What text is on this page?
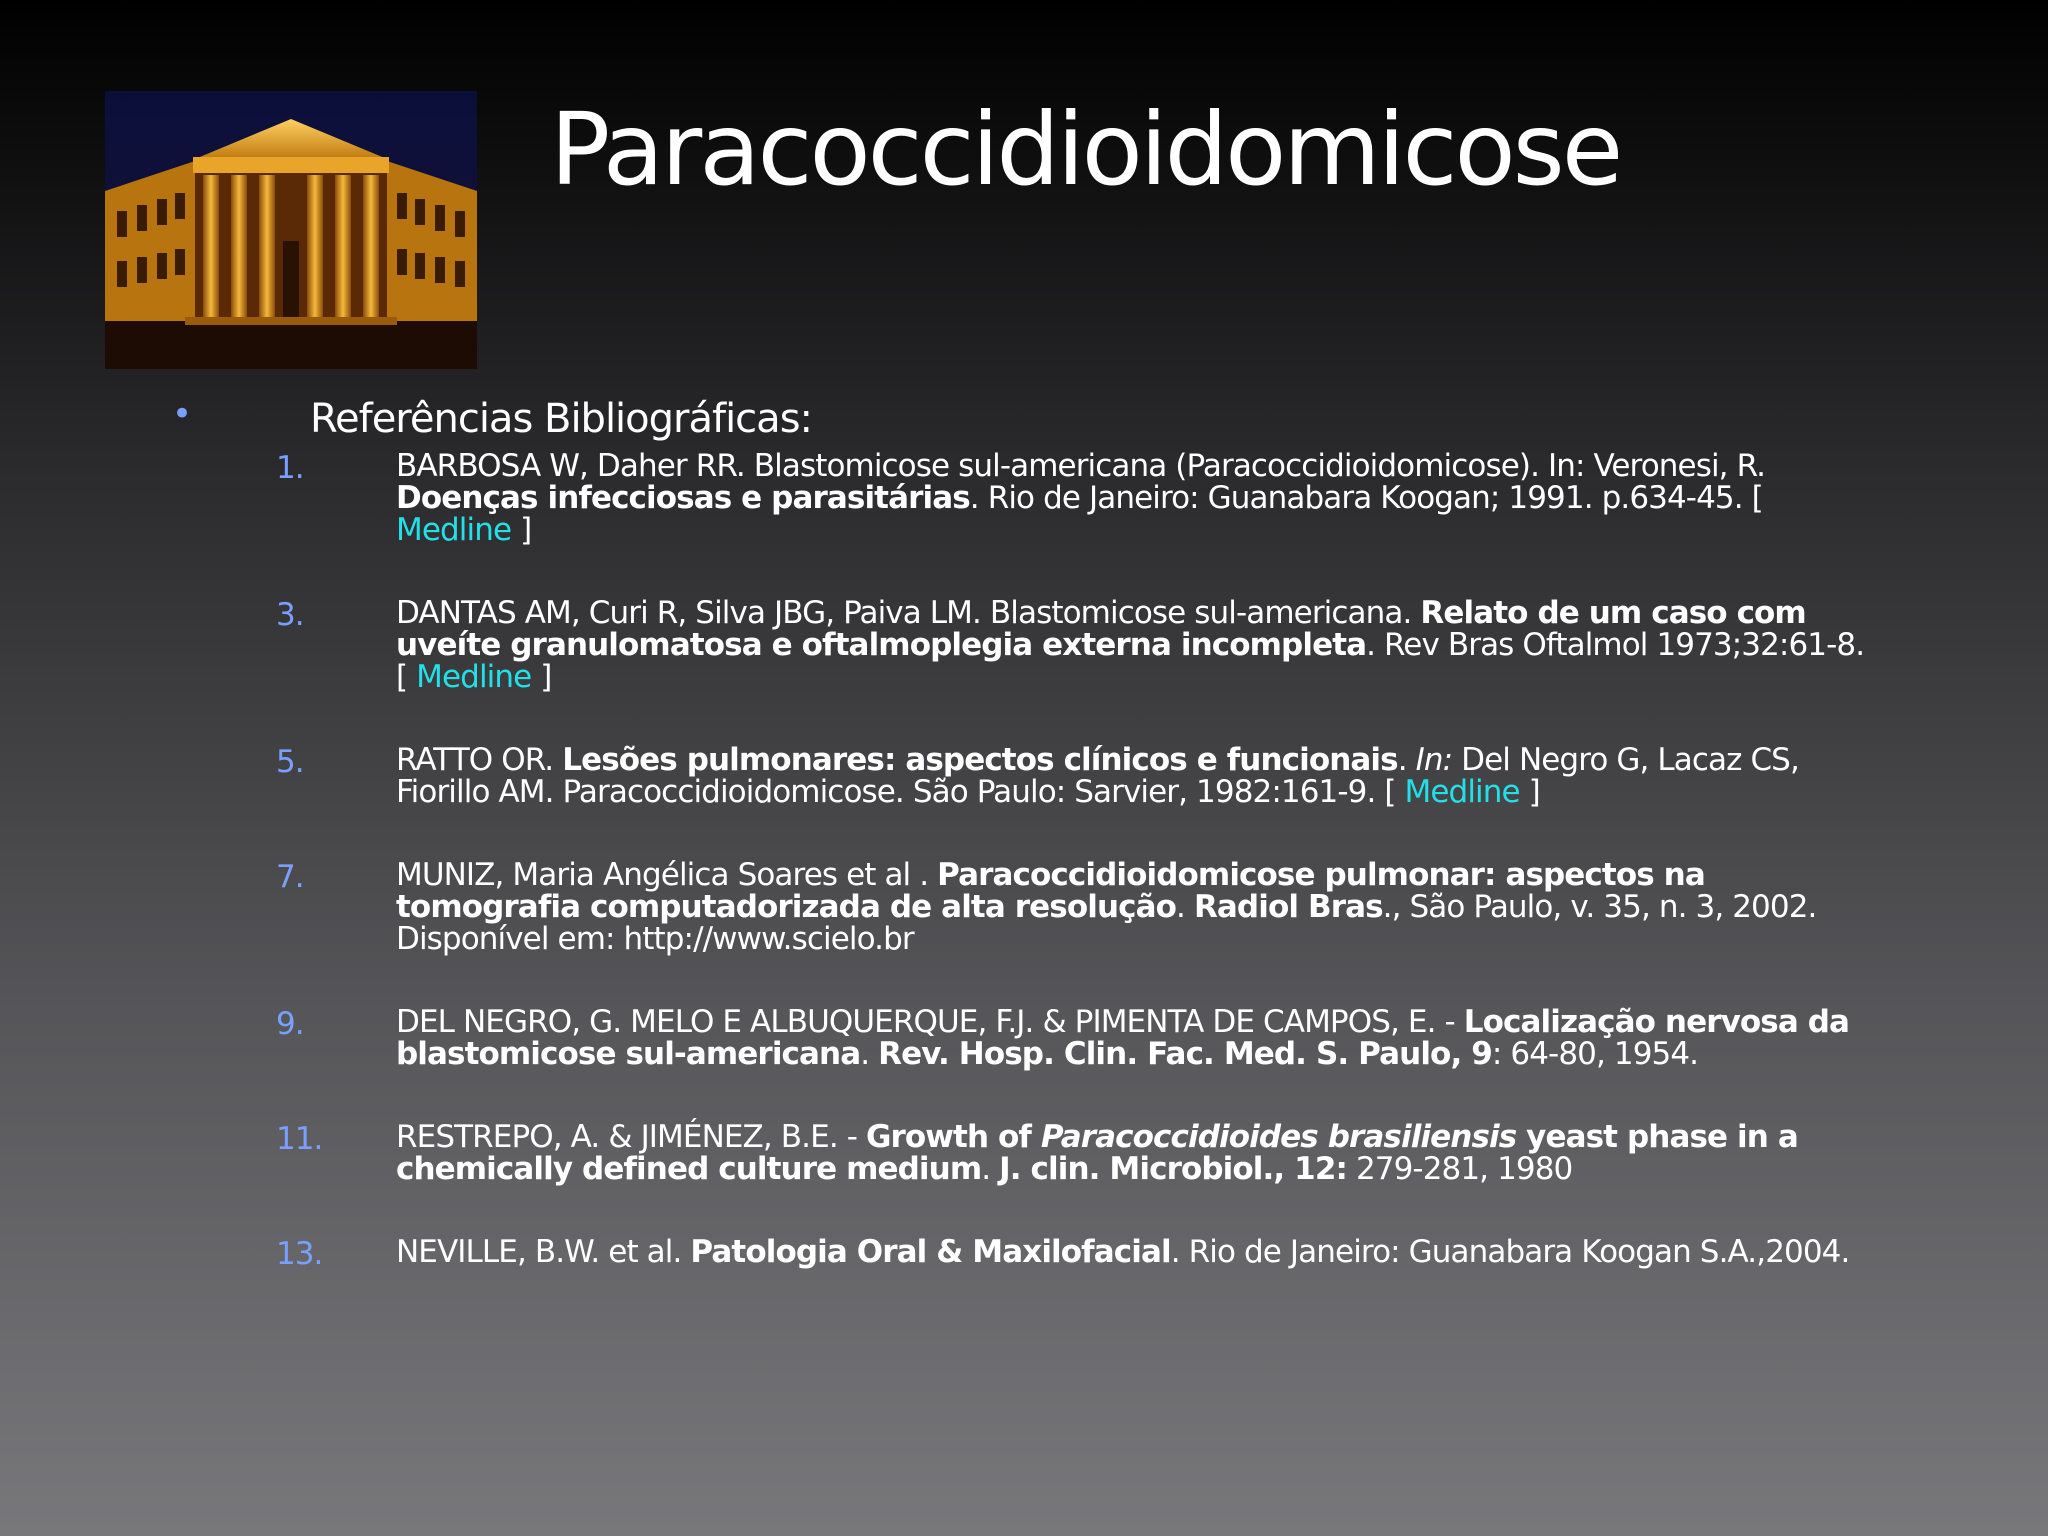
Paracoccidioidomicose
•	Referências Bibliográficas:
1.	BARBOSA W, Daher RR. Blastomicose sul-americana (Paracoccidioidomicose). In: Veronesi, R. Doenças infecciosas e parasitárias. Rio de Janeiro: Guanabara Koogan; 1991. p.634-45. [ Medline ]
3.	DANTAS AM, Curi R, Silva JBG, Paiva LM. Blastomicose sul-americana. Relato de um caso com uveíte granulomatosa e oftalmoplegia externa incompleta. Rev Bras Oftalmol 1973;32:61-8. [ Medline ]
5.	RATTO OR. Lesões pulmonares: aspectos clínicos e funcionais. In: Del Negro G, Lacaz CS, Fiorillo AM. Paracoccidioidomicose. São Paulo: Sarvier, 1982:161-9. [ Medline ]
7.	MUNIZ, Maria Angélica Soares et al . Paracoccidioidomicose pulmonar: aspectos na tomografia computadorizada de alta resolução. Radiol Bras., São Paulo, v. 35, n. 3, 2002. Disponível em: http://www.scielo.br
9.	DEL NEGRO, G. MELO E ALBUQUERQUE, F.J. & PIMENTA DE CAMPOS, E. - Localização nervosa da blastomicose sul-americana. Rev. Hosp. Clin. Fac. Med. S. Paulo, 9: 64-80, 1954.
11. RESTREPO, A. & JIMÉNEZ, B.E. - Growth of Paracoccidioides brasiliensis yeast phase in a chemically defined culture medium. J. clin. Microbiol., 12: 279-281, 1980
13. NEVILLE, B.W. et al. Patologia Oral & Maxilofacial. Rio de Janeiro: Guanabara Koogan S.A.,2004.
